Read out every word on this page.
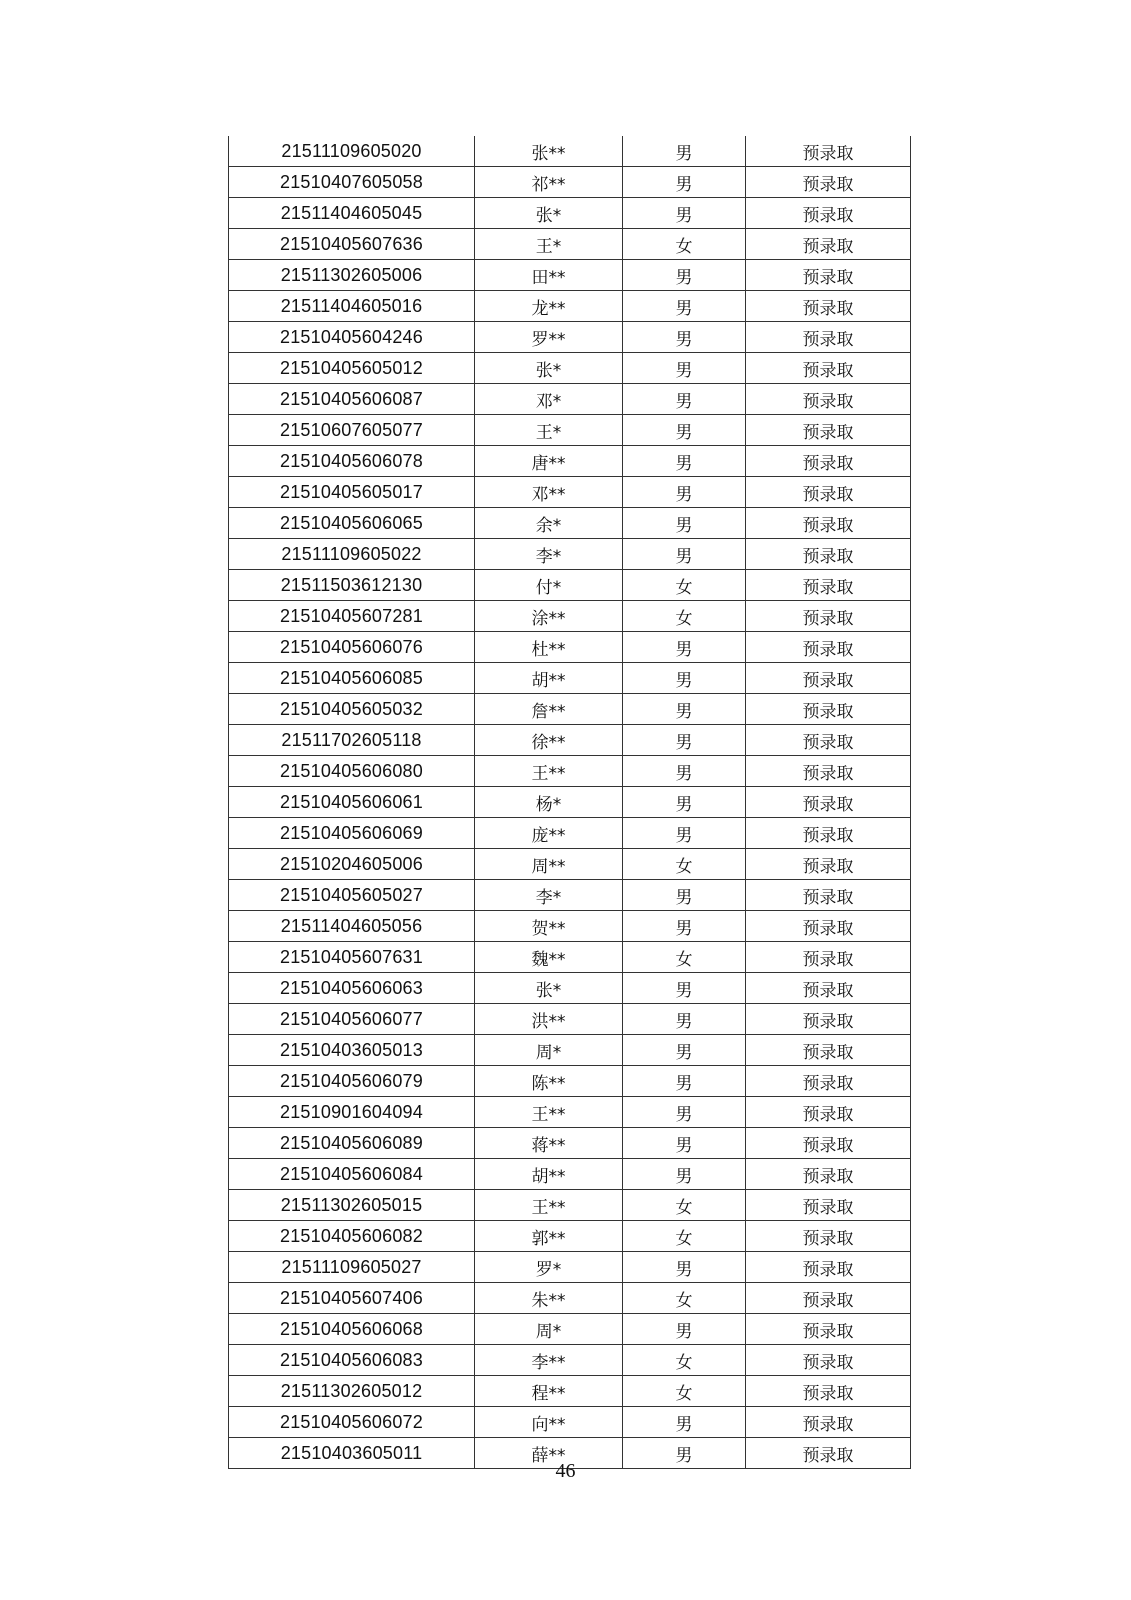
21511109605020	张**	男	预录取
21510407605058	祁**	男	预录取
21511404605045	张*	男	预录取
21510405607636	王*	女	预录取
21511302605006	田**	男	预录取
21511404605016	龙**	男	预录取
21510405604246	罗**	男	预录取
21510405605012	张*	男	预录取
21510405606087	邓*	男	预录取
21510607605077	王*	男	预录取
21510405606078	唐**	男	预录取
21510405605017	邓**	男	预录取
21510405606065	余*	男	预录取
21511109605022	李*	男	预录取
21511503612130	付*	女	预录取
21510405607281	涂**	女	预录取
21510405606076	杜**	男	预录取
21510405606085	胡**	男	预录取
21510405605032	詹**	男	预录取
21511702605118	徐**	男	预录取
21510405606080	王**	男	预录取
21510405606061	杨*	男	预录取
21510405606069	庞**	男	预录取
21510204605006	周**	女	预录取
21510405605027	李*	男	预录取
21511404605056	贺**	男	预录取
21510405607631	魏**	女	预录取
21510405606063	张*	男	预录取
21510405606077	洪**	男	预录取
21510403605013	周*	男	预录取
21510405606079	陈**	男	预录取
21510901604094	王**	男	预录取
21510405606089	蒋**	男	预录取
21510405606084	胡**	男	预录取
21511302605015	王**	女	预录取
21510405606082	郭**	女	预录取
21511109605027	罗*	男	预录取
21510405607406	朱**	女	预录取
21510405606068	周*	男	预录取
21510405606083	李**	女	预录取
21511302605012	程**	女	预录取
21510405606072	向**	男	预录取
21510403605011	薛**	男	预录取
46
